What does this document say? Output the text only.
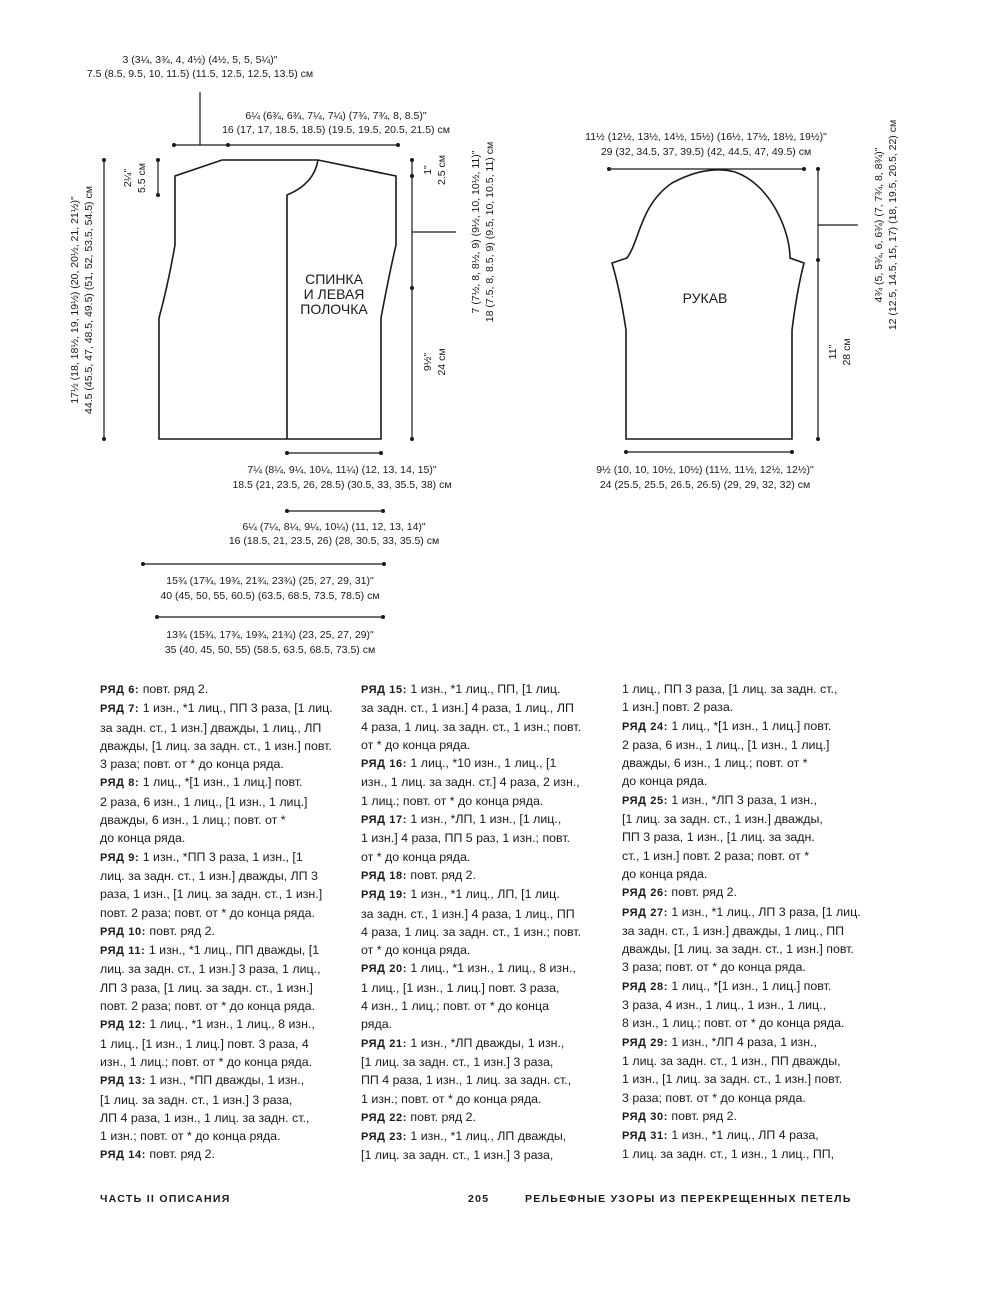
СПИНКА
И ЛЕВАЯ
ПОЛОЧКА
3 (3¼, 3¾, 4, 4½) (4½, 5, 5, 5¼)"
7.5 (8.5, 9.5, 10, 11.5) (11.5, 12.5, 12.5, 13.5) см
6¼ (6¾, 6¾, 7¼, 7¼) (7¾, 7¾, 8, 8.5)"
16 (17, 17, 18.5, 18.5) (19.5, 19.5, 20.5, 21.5) см
17½ (18, 18½, 19, 19½) (20, 20½, 21, 21½)" 44.5 (45.5, 47, 48.5, 49.5) (51, 52, 53.5, 54.5) см
2¼" 5.5 см	1" 2.5 см 7 (7½, 8, 8½, 9) (9½, 10, 10½, 11)" 18 (7.5, 8, 8.5, 9) (9.5, 10, 10.5, 11) см
9½" 24 см
7¼ (8¼, 9¼, 10¼, 11¼) (12, 13, 14, 15)"
18.5 (21, 23.5, 26, 28.5) (30.5, 33, 35.5, 38) см
6¼ (7¼, 8¼, 9¼, 10¼) (11, 12, 13, 14)"
16 (18.5, 21, 23.5, 26) (28, 30.5, 33, 35.5) см
15¾ (17¾, 19¾, 21¾, 23¾) (25, 27, 29, 31)"
40 (45, 50, 55, 60.5) (63.5, 68.5, 73.5, 78.5) см
13¾ (15¾, 17¾, 19¾, 21¾) (23, 25, 27, 29)"
35 (40, 45, 50, 55) (58.5, 63.5, 68.5, 73.5) см
РУКАВ
11½ (12½, 13½, 14½, 15½) (16½, 17½, 18½, 19½)"
29 (32, 34.5, 37, 39.5) (42, 44.5, 47, 49.5) см	4¾ (5, 5¾, 6, 6¾) (7, 7¾, 8, 8¾)" 12 (12.5, 14.5, 15, 17) (18, 19.5, 20.5, 22) см
11" 28 см
9½ (10, 10, 10½, 10½) (11½, 11½, 12½, 12½)"
24 (25.5, 25.5, 26.5, 26.5) (29, 29, 32, 32) см

РЯД 6: повт. ряд 2.

РЯД 7: 1 изн., *1 лиц., ПП 3 раза, [1 лиц.
за задн. ст., 1 изн.] дважды, 1 лиц., ЛП
дважды, [1 лиц. за задн. ст., 1 изн.] повт.
3 раза; повт. от * до конца ряда.

РЯД 8: 1 лиц., *[1 изн., 1 лиц.] повт.
2 раза, 6 изн., 1 лиц., [1 изн., 1 лиц.]
дважды, 6 изн., 1 лиц.; повт. от *
до конца ряда.

РЯД 9: 1 изн., *ПП 3 раза, 1 изн., [1
лиц. за задн. ст., 1 изн.] дважды, ЛП 3
раза, 1 изн., [1 лиц. за задн. ст., 1 изн.]
повт. 2 раза; повт. от * до конца ряда.

РЯД 10: повт. ряд 2.

РЯД 11: 1 изн., *1 лиц., ПП дважды, [1
лиц. за задн. ст., 1 изн.] 3 раза, 1 лиц.,
ЛП 3 раза, [1 лиц. за задн. ст., 1 изн.]
повт. 2 раза; повт. от * до конца ряда.

РЯД 12: 1 лиц., *1 изн., 1 лиц., 8 изн.,
1 лиц., [1 изн., 1 лиц.] повт. 3 раза, 4
изн., 1 лиц.; повт. от * до конца ряда.

РЯД 13: 1 изн., *ПП дважды, 1 изн.,
[1 лиц. за задн. ст., 1 изн.] 3 раза,
ЛП 4 раза, 1 изн., 1 лиц. за задн. ст.,
1 изн.; повт. от * до конца ряда.

РЯД 14: повт. ряд 2.

РЯД 15: 1 изн., *1 лиц., ПП, [1 лиц.
за задн. ст., 1 изн.] 4 раза, 1 лиц., ЛП
4 раза, 1 лиц. за задн. ст., 1 изн.; повт.
от * до конца ряда.

РЯД 16: 1 лиц., *10 изн., 1 лиц., [1
изн., 1 лиц. за задн. ст.] 4 раза, 2 изн.,
1 лиц.; повт. от * до конца ряда.

РЯД 17: 1 изн., *ЛП, 1 изн., [1 лиц.,
1 изн.] 4 раза, ПП 5 раз, 1 изн.; повт.
от * до конца ряда.

РЯД 18: повт. ряд 2.

РЯД 19: 1 изн., *1 лиц., ЛП, [1 лиц.
за задн. ст., 1 изн.] 4 раза, 1 лиц., ПП
4 раза, 1 лиц. за задн. ст., 1 изн.; повт.
от * до конца ряда.

РЯД 20: 1 лиц., *1 изн., 1 лиц., 8 изн.,
1 лиц., [1 изн., 1 лиц.] повт. 3 раза,
4 изн., 1 лиц.; повт. от * до конца
ряда.

РЯД 21: 1 изн., *ЛП дважды, 1 изн.,
[1 лиц. за задн. ст., 1 изн.] 3 раза,
ПП 4 раза, 1 изн., 1 лиц. за задн. ст.,
1 изн.; повт. от * до конца ряда.

РЯД 22: повт. ряд 2.

РЯД 23: 1 изн., *1 лиц., ЛП дважды,
[1 лиц. за задн. ст., 1 изн.] 3 раза,

1 лиц., ПП 3 раза, [1 лиц. за задн. ст.,
1 изн.] повт. 2 раза.

РЯД 24: 1 лиц., *[1 изн., 1 лиц.] повт.
2 раза, 6 изн., 1 лиц., [1 изн., 1 лиц.]
дважды, 6 изн., 1 лиц.; повт. от *
до конца ряда.

РЯД 25: 1 изн., *ЛП 3 раза, 1 изн.,
[1 лиц. за задн. ст., 1 изн.] дважды,
ПП 3 раза, 1 изн., [1 лиц. за задн.
ст., 1 изн.] повт. 2 раза; повт. от *
до конца ряда.

РЯД 26: повт. ряд 2.

РЯД 27: 1 изн., *1 лиц., ЛП 3 раза, [1 лиц.
за задн. ст., 1 изн.] дважды, 1 лиц., ПП
дважды, [1 лиц. за задн. ст., 1 изн.] повт.
3 раза; повт. от * до конца ряда.

РЯД 28: 1 лиц., *[1 изн., 1 лиц.] повт.
3 раза, 4 изн., 1 лиц., 1 изн., 1 лиц.,
8 изн., 1 лиц.; повт. от * до конца ряда.

РЯД 29: 1 изн., *ЛП 4 раза, 1 изн.,
1 лиц. за задн. ст., 1 изн., ПП дважды,
1 изн., [1 лиц. за задн. ст., 1 изн.] повт.
3 раза; повт. от * до конца ряда.

РЯД 30: повт. ряд 2.

РЯД 31: 1 изн., *1 лиц., ЛП 4 раза,
1 лиц. за задн. ст., 1 изн., 1 лиц., ПП,

ЧАСТЬ II ОПИСАНИЯ	205	РЕЛЬЕФНЫЕ УЗОРЫ ИЗ ПЕРЕКРЕЩЕННЫХ ПЕТЕЛЬ
